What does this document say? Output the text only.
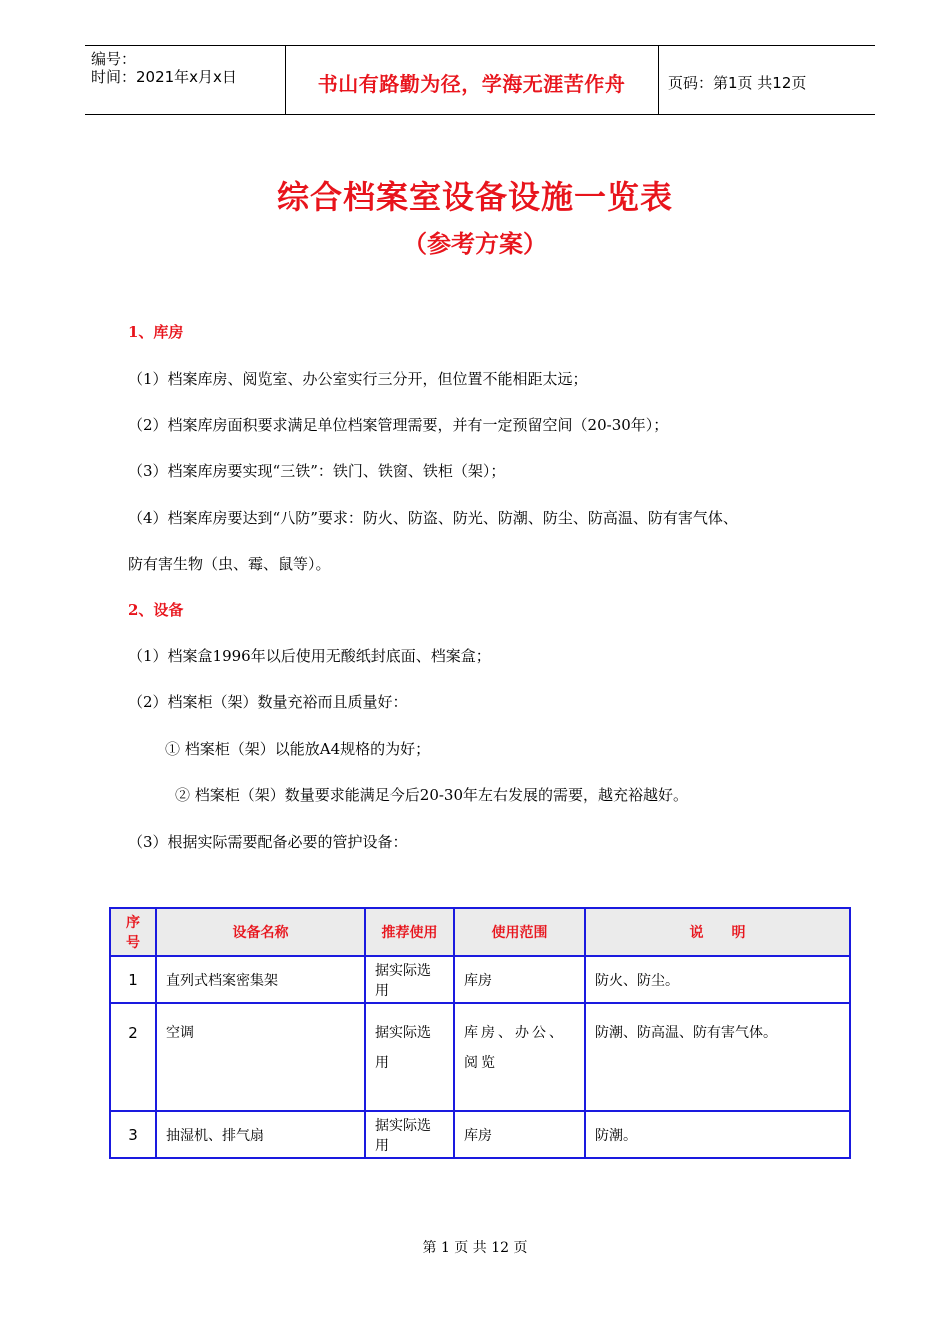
编号：
时间：2021年x月x日	书山有路勤为径，学海无涯苦作舟	页码：第1页 共12页
综合档案室设备设施一览表
（参考方案）
1、库房
（1）档案库房、阅览室、办公室实行三分开，但位置不能相距太远；
（2）档案库房面积要求满足单位档案管理需要，并有一定预留空间（20-30年）；
（3）档案库房要实现“三铁”：铁门、铁窗、铁柜（架）；
（4）档案库房要达到“八防”要求：防火、防盗、防光、防潮、防尘、防高温、防有害气体、
防有害生物（虫、霉、鼠等）。
2、设备
（1）档案盒1996年以后使用无酸纸封底面、档案盒；
（2）档案柜（架）数量充裕而且质量好：
① 档案柜（架）以能放A4规格的为好；
② 档案柜（架）数量要求能满足今后20-30年左右发展的需要，越充裕越好。
（3）根据实际需要配备必要的管护设备：
序号	设备名称	推荐使用	使用范围	说　　明
1	直列式档案密集架	据实际选用	库房	防火、防尘。
2	空调	据实际选用	库房、办公、阅览	防潮、防高温、防有害气体。
3	抽湿机、排气扇	据实际选用	库房	防潮。
第 1 页 共 12 页
